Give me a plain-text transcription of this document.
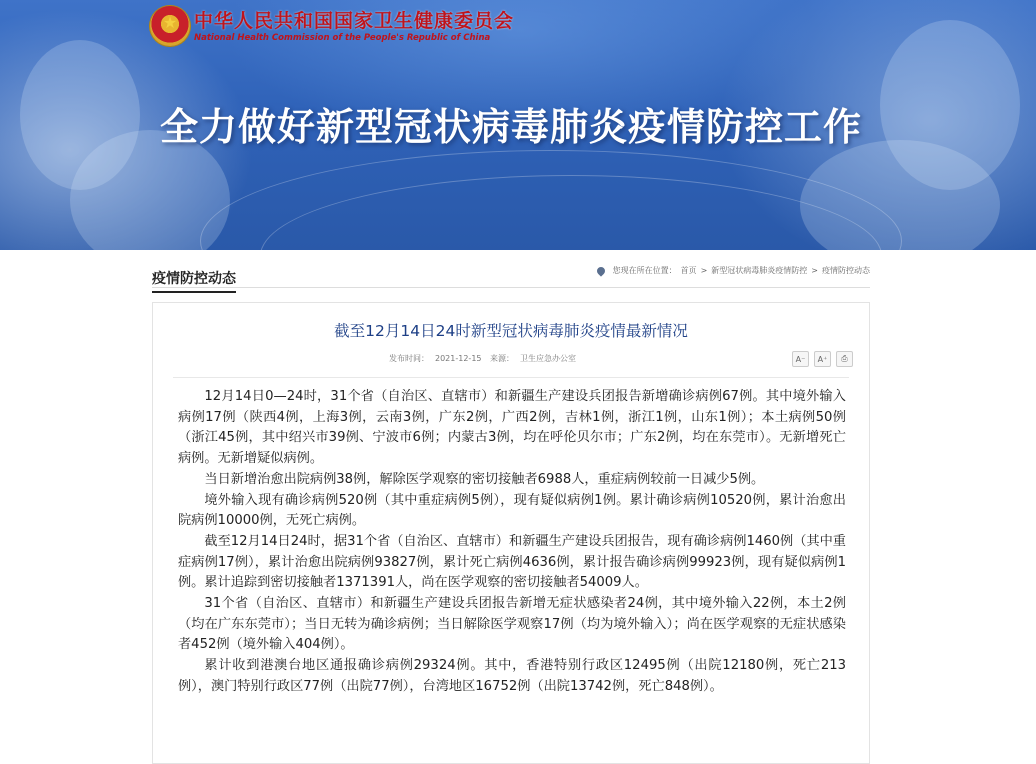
★
中华人民共和国国家卫生健康委员会
National Health Commission of the People's Republic of China
全力做好新型冠状病毒肺炎疫情防控工作
疫情防控动态
您现在所在位置： 首页 > 新型冠状病毒肺炎疫情防控 > 疫情防控动态
截至12月14日24时新型冠状病毒肺炎疫情最新情况
发布时间： 2021-12-15 来源： 卫生应急办公室	A⁻	A⁺	⎙

12月14日0—24时，31个省（自治区、直辖市）和新疆生产建设兵团报告新增确诊病例67例。其中境外输入病例17例（陕西4例，上海3例，云南3例，广东2例，广西2例，吉林1例，浙江1例，山东1例）；本土病例50例（浙江45例，其中绍兴市39例、宁波市6例；内蒙古3例，均在呼伦贝尔市；广东2例，均在东莞市）。无新增死亡病例。无新增疑似病例。

当日新增治愈出院病例38例，解除医学观察的密切接触者6988人，重症病例较前一日减少5例。

境外输入现有确诊病例520例（其中重症病例5例），现有疑似病例1例。累计确诊病例10520例，累计治愈出院病例10000例，无死亡病例。

截至12月14日24时，据31个省（自治区、直辖市）和新疆生产建设兵团报告，现有确诊病例1460例（其中重症病例17例），累计治愈出院病例93827例，累计死亡病例4636例，累计报告确诊病例99923例，现有疑似病例1例。累计追踪到密切接触者1371391人，尚在医学观察的密切接触者54009人。

31个省（自治区、直辖市）和新疆生产建设兵团报告新增无症状感染者24例，其中境外输入22例，本土2例（均在广东东莞市）；当日无转为确诊病例；当日解除医学观察17例（均为境外输入）；尚在医学观察的无症状感染者452例（境外输入404例）。

累计收到港澳台地区通报确诊病例29324例。其中，香港特别行政区12495例（出院12180例，死亡213例），澳门特别行政区77例（出院77例），台湾地区16752例（出院13742例，死亡848例）。
